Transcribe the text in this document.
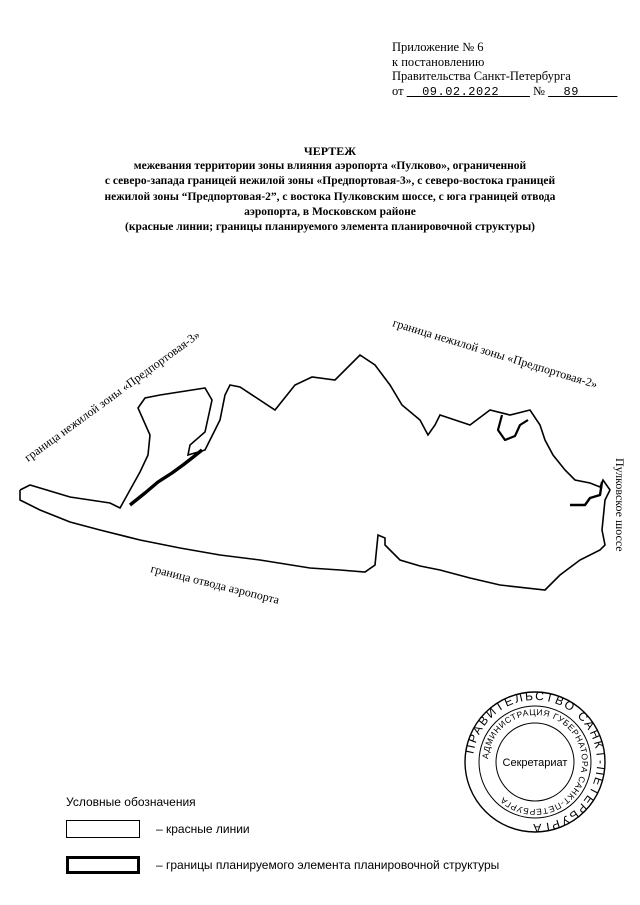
Приложение № 6
к постановлению
Правительства Санкт-Петербурга
от 09.02.2022	№ 89
ЧЕРТЕЖ
межевания территории зоны влияния аэропорта «Пулково», ограниченной
с северо-запада границей нежилой зоны «Предпортовая-3», с северо-востока границей
нежилой зоны “Предпортовая-2”, с востока Пулковским шоссе, с юга границей отвода
аэропорта, в Московском районе
(красные линии; границы планируемого элемента планировочной структуры)
граница нежилой зоны «Предпортовая-3»	граница нежилой зоны «Предпортовая-2»
Пулковское шоссе
граница отвода аэропорта
ПРАВИТЕЛЬСТВО САНКТ-ПЕТЕРБУРГА
АДМИНИСТРАЦИЯ ГУБЕРНАТОРА САНКТ-ПЕТЕРБУРГА
Секретариат
Условные обозначения
– красные линии
– границы планируемого элемента планировочной структуры
